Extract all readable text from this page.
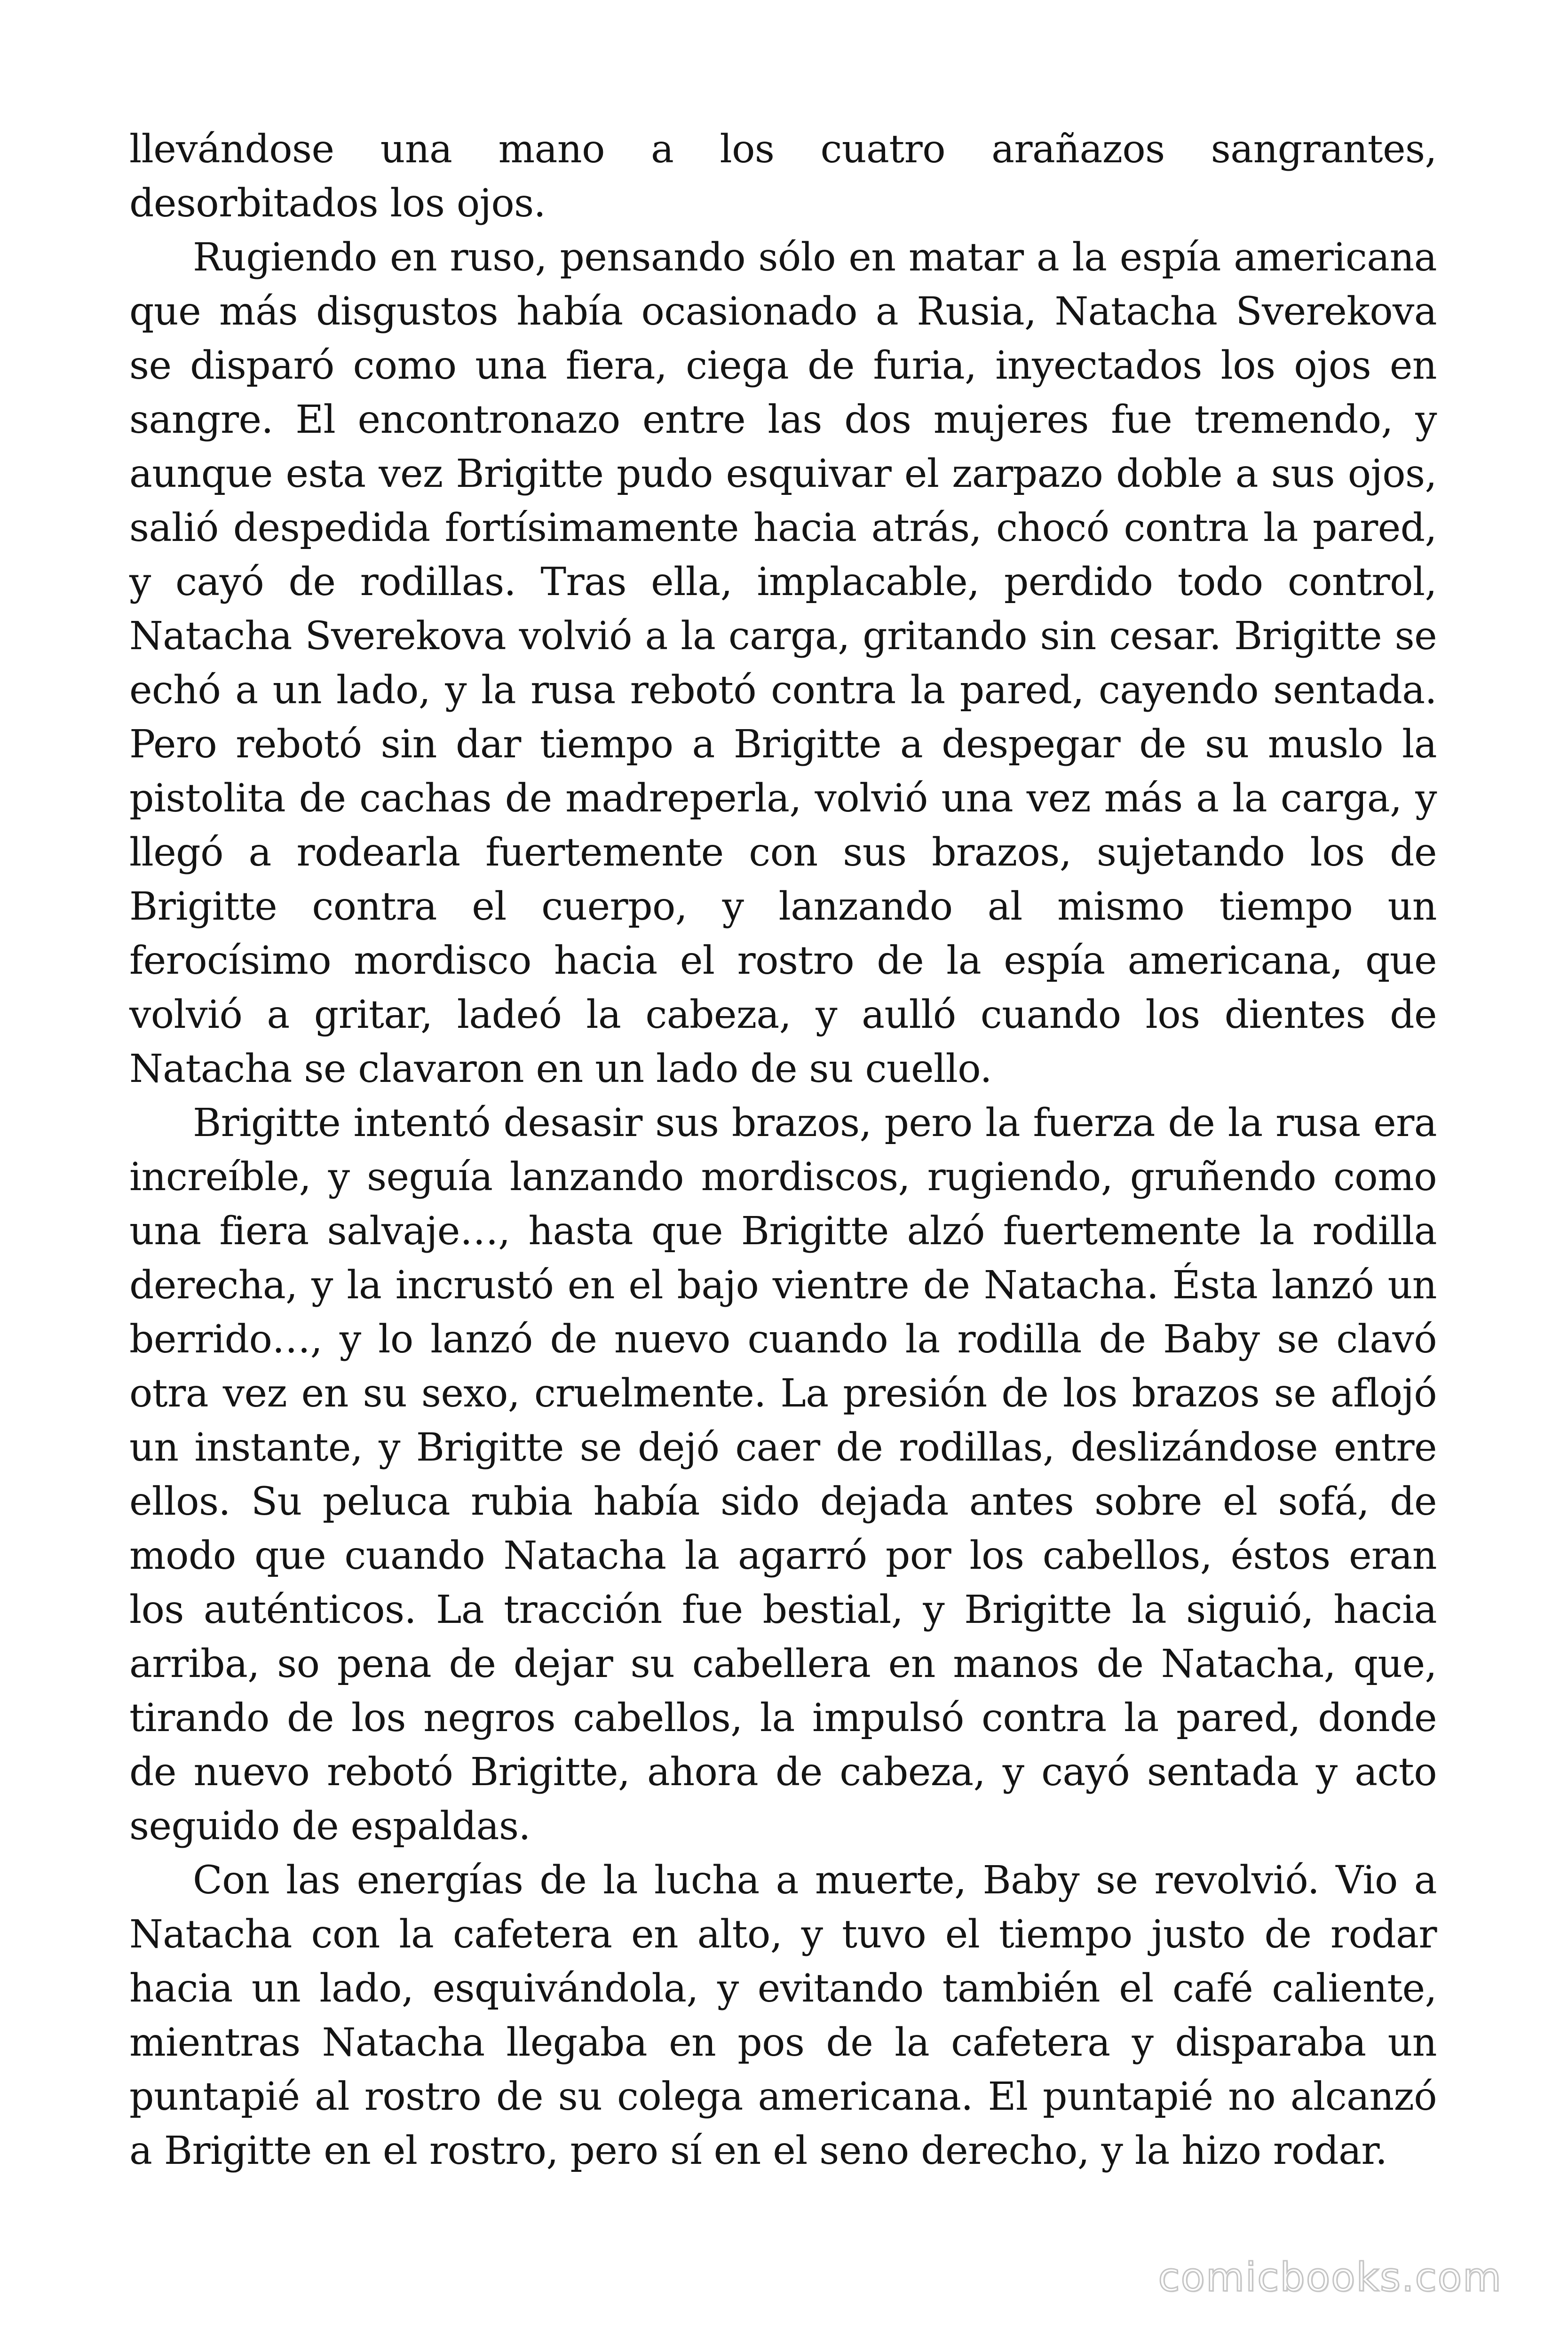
llevándose una mano a los cuatro arañazos sangrantes, desorbitados los ojos.

Rugiendo en ruso, pensando sólo en matar a la espía americana que más disgustos había ocasionado a Rusia, Natacha Sverekova se disparó como una fiera, ciega de furia, inyectados los ojos en sangre. El encontronazo entre las dos mujeres fue tremendo, y aunque esta vez Brigitte pudo esquivar el zarpazo doble a sus ojos, salió despedida fortísimamente hacia atrás, chocó contra la pared, y cayó de rodillas. Tras ella, implacable, perdido todo control, Natacha Sverekova volvió a la carga, gritando sin cesar. Brigitte se echó a un lado, y la rusa rebotó contra la pared, cayendo sentada. Pero rebotó sin dar tiempo a Brigitte a despegar de su muslo la pistolita de cachas de madreperla, volvió una vez más a la carga, y llegó a rodearla fuertemente con sus brazos, sujetando los de Brigitte contra el cuerpo, y lanzando al mismo tiempo un ferocísimo mordisco hacia el rostro de la espía americana, que volvió a gritar, ladeó la cabeza, y aulló cuando los dientes de Natacha se clavaron en un lado de su cuello.

Brigitte intentó desasir sus brazos, pero la fuerza de la rusa era increíble, y seguía lanzando mordiscos, rugiendo, gruñendo como una fiera salvaje…, hasta que Brigitte alzó fuertemente la rodilla derecha, y la incrustó en el bajo vientre de Natacha. Ésta lanzó un berrido…, y lo lanzó de nuevo cuando la rodilla de Baby se clavó otra vez en su sexo, cruelmente. La presión de los brazos se aflojó un instante, y Brigitte se dejó caer de rodillas, deslizándose entre ellos. Su peluca rubia había sido dejada antes sobre el sofá, de modo que cuando Natacha la agarró por los cabellos, éstos eran los auténticos. La tracción fue bestial, y Brigitte la siguió, hacia arriba, so pena de dejar su cabellera en manos de Natacha, que, tirando de los negros cabellos, la impulsó contra la pared, donde de nuevo rebotó Brigitte, ahora de cabeza, y cayó sentada y acto seguido de espaldas.

Con las energías de la lucha a muerte, Baby se revolvió. Vio a Natacha con la cafetera en alto, y tuvo el tiempo justo de rodar hacia un lado, esquivándola, y evitando también el café caliente, mientras Natacha llegaba en pos de la cafetera y disparaba un puntapié al rostro de su colega americana. El puntapié no alcanzó a Brigitte en el rostro, pero sí en el seno derecho, y la hizo rodar.

comicbooks.com
